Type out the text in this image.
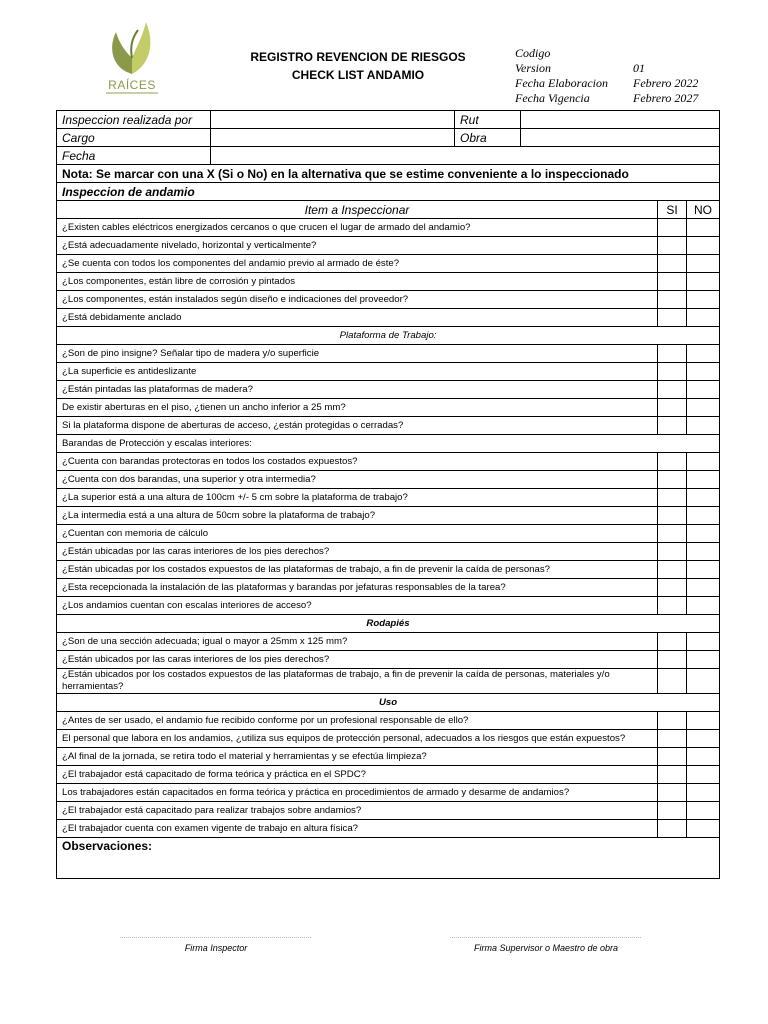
RAÍCES
REGISTRO REVENCION DE RIESGOS
CHECK LIST ANDAMIO
Codigo
Version	01
Fecha Elaboracion	Febrero 2022
Fecha Vigencia	Febrero 2027
Inspeccion realizada por		Rut			
Cargo		Obra			
Fecha					
Nota: Se marcar con una X (Si o No) en la alternativa que se estime conveniente a lo inspeccionado					
Inspeccion de andamio					
Item a Inspeccionar				SI	NO
¿Existen cables eléctricos energizados cercanos o que crucen el lugar de armado del andamio?					
¿Está adecuadamente nivelado, horizontal y verticalmente?					
¿Se cuenta con todos los componentes del andamio previo al armado de éste?					
¿Los componentes, están libre de corrosión y pintados					
¿Los componentes, están instalados según diseño e indicaciones del proveedor?					
¿Está debidamente anclado					
Plataforma de Trabajo:					
¿Son de pino insigne? Señalar tipo de madera y/o superficie					
¿La superficie es antideslizante					
¿Están pintadas las plataformas de madera?					
De existir aberturas en el piso, ¿tienen un ancho inferior a 25 mm?					
Si la plataforma dispone de aberturas de acceso, ¿están protegidas o cerradas?					
Barandas de Protección y escalas interiores:					
¿Cuenta con barandas protectoras en todos los costados expuestos?					
¿Cuenta con dos barandas, una superior y otra intermedia?					
¿La superior está a una altura de 100cm +/- 5 cm sobre la plataforma de trabajo?					
¿La intermedia está a una altura de 50cm sobre la plataforma de trabajo?					
¿Cuentan con memoria de cálculo					
¿Están ubicadas por las caras interiores de los pies derechos?					
¿Están ubicadas por los costados expuestos de las plataformas de trabajo, a fin de prevenir la caída de personas?					
¿Esta recepcionada la instalación de las plataformas y barandas por jefaturas responsables de la tarea?					
¿Los andamios cuentan con escalas interiores de acceso?					
Rodapiés					
¿Son de una sección adecuada; igual o mayor a 25mm x 125 mm?					
¿Están ubicados por las caras interiores de los pies derechos?					
¿Están ubicados por los costados expuestos de las plataformas de trabajo, a fin de prevenir la caída de personas, materiales y/o herramientas?					
Uso					
¿Antes de ser usado, el andamio fue recibido conforme por un profesional responsable de ello?					
El personal que labora en los andamios, ¿utiliza sus equipos de protección personal, adecuados a los riesgos que están expuestos?					
¿Al final de la jornada, se retira todo el material y herramientas y se efectúa limpieza?					
¿El trabajador está capacitado de forma teórica y práctica en el SPDC?					
Los trabajadores están capacitados en forma teórica y práctica en procedimientos de armado y desarme de andamios?					
¿El trabajador está capacitado para realizar trabajos sobre andamios?					
¿El trabajador cuenta con examen vigente de trabajo en altura física?					
Observaciones:					
……………………………………………………………………………………
Firma Inspector
……………………………………………………………………………………
Firma Supervisor o Maestro de obra
